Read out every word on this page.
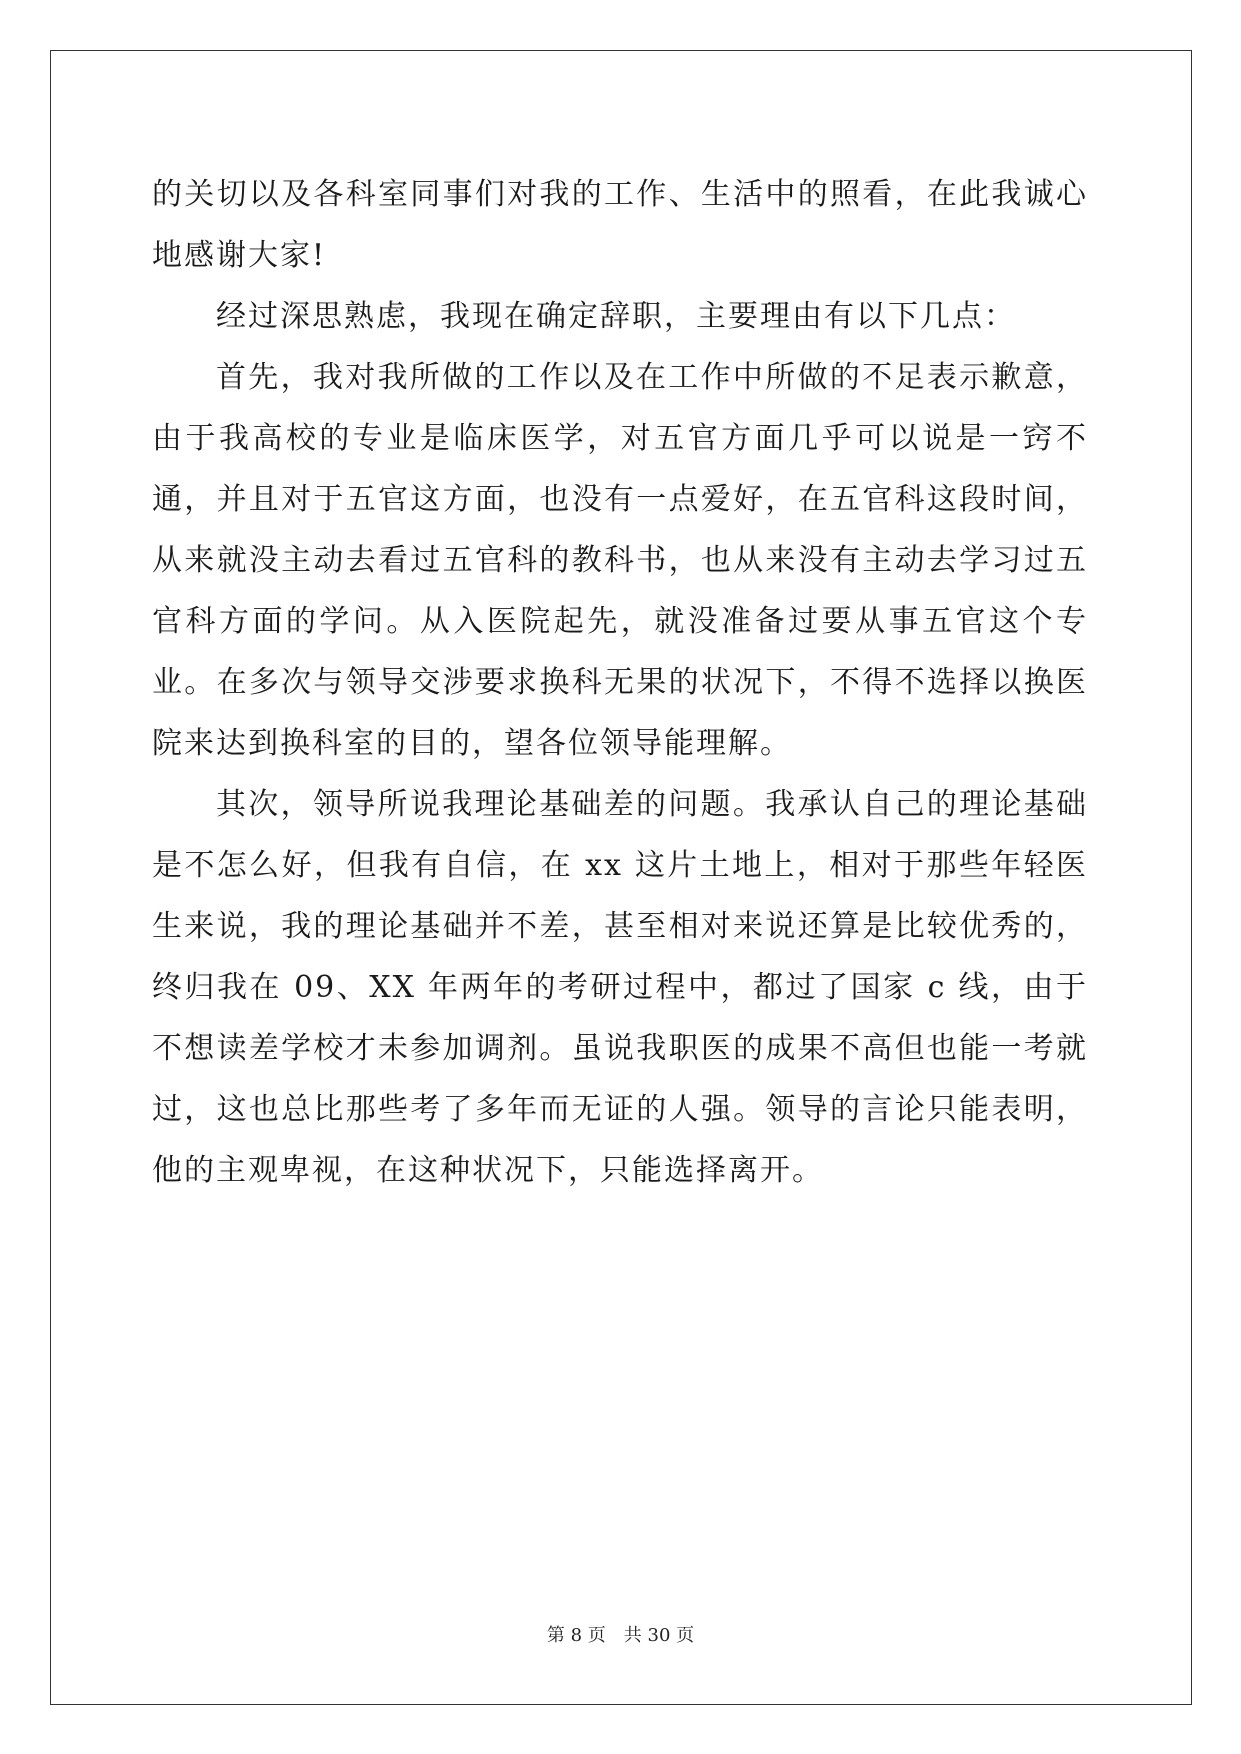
的关切以及各科室同事们对我的工作、生活中的照看，在此我诚心地感谢大家!

经过深思熟虑，我现在确定辞职，主要理由有以下几点：

首先，我对我所做的工作以及在工作中所做的不足表示歉意，由于我高校的专业是临床医学，对五官方面几乎可以说是一窍不通，并且对于五官这方面，也没有一点爱好，在五官科这段时间，从来就没主动去看过五官科的教科书，也从来没有主动去学习过五官科方面的学问。从入医院起先，就没准备过要从事五官这个专业。在多次与领导交涉要求换科无果的状况下，不得不选择以换医院来达到换科室的目的，望各位领导能理解。

其次，领导所说我理论基础差的问题。我承认自己的理论基础是不怎么好，但我有自信，在 xx 这片土地上，相对于那些年轻医生来说，我的理论基础并不差，甚至相对来说还算是比较优秀的，终归我在 09、XX 年两年的考研过程中，都过了国家 c 线，由于不想读差学校才未参加调剂。虽说我职医的成果不高但也能一考就过，这也总比那些考了多年而无证的人强。领导的言论只能表明，他的主观卑视，在这种状况下，只能选择离开。

第 8 页 共 30 页
